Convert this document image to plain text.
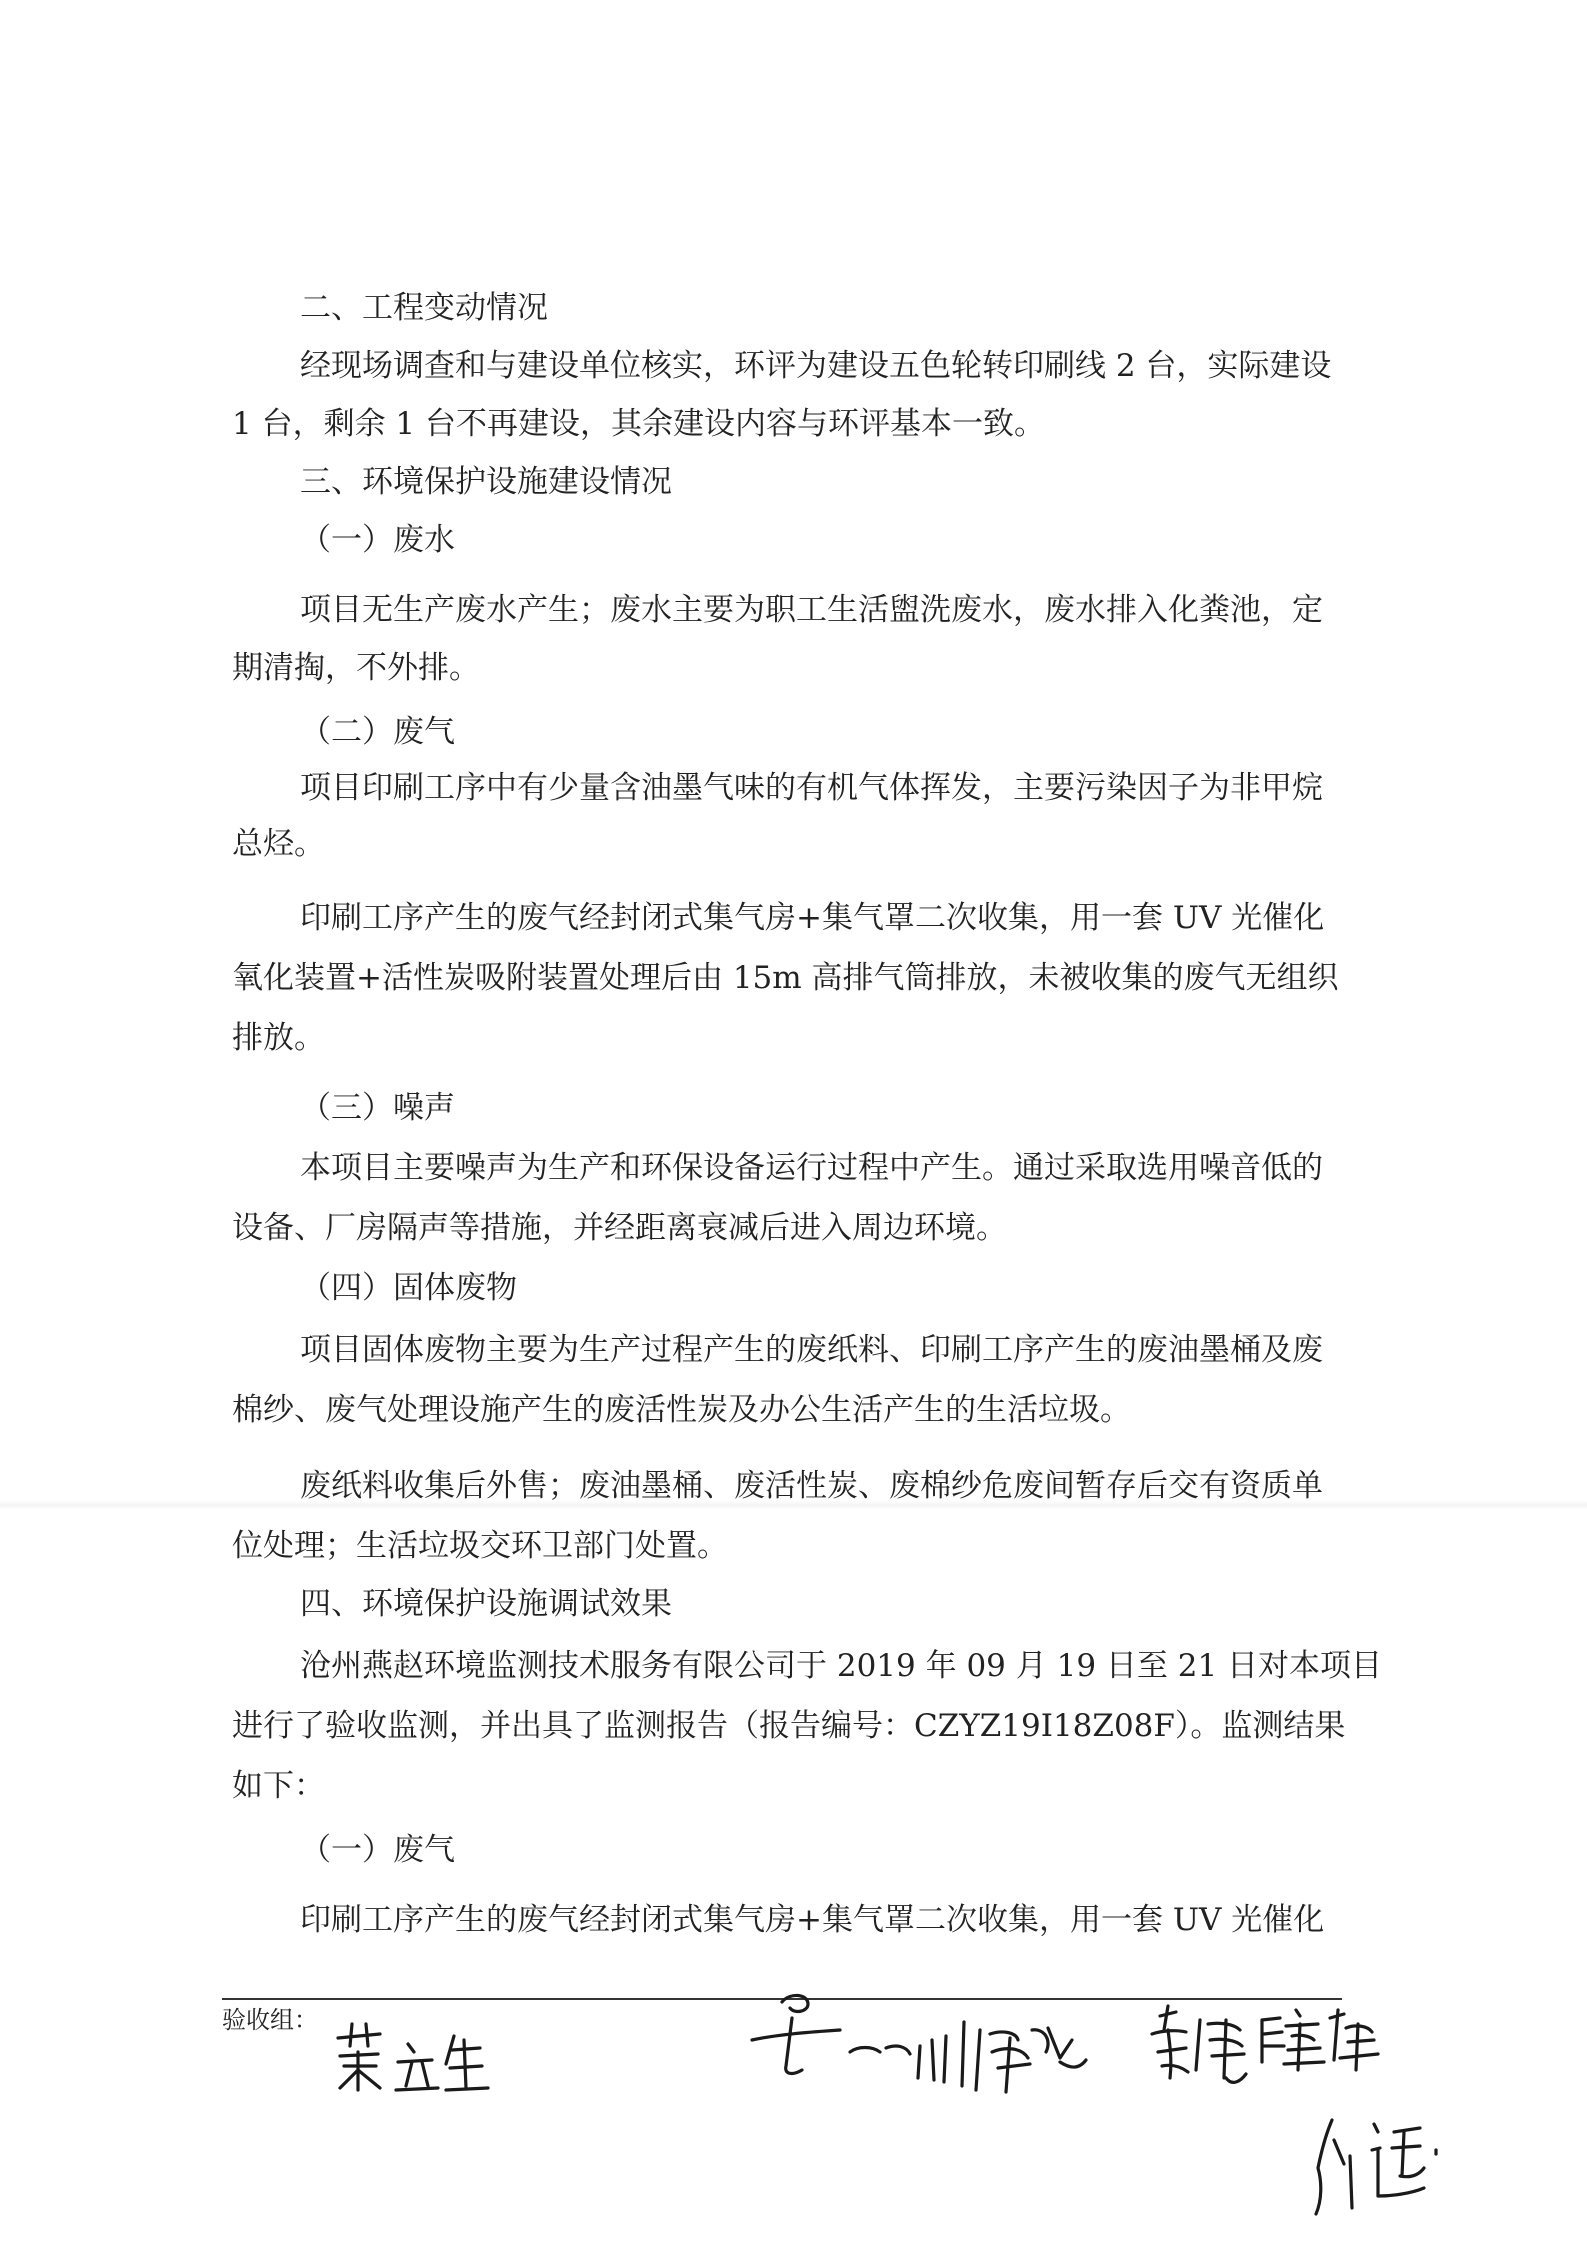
二、工程变动情况
经现场调查和与建设单位核实，环评为建设五色轮转印刷线 2 台，实际建设
1 台，剩余 1 台不再建设，其余建设内容与环评基本一致。
三、环境保护设施建设情况
（一）废水
项目无生产废水产生；废水主要为职工生活盥洗废水，废水排入化粪池，定
期清掏，不外排。
（二）废气
项目印刷工序中有少量含油墨气味的有机气体挥发，主要污染因子为非甲烷
总烃。
印刷工序产生的废气经封闭式集气房+集气罩二次收集，用一套 UV 光催化
氧化装置+活性炭吸附装置处理后由 15m 高排气筒排放，未被收集的废气无组织
排放。
（三）噪声
本项目主要噪声为生产和环保设备运行过程中产生。通过采取选用噪音低的
设备、厂房隔声等措施，并经距离衰减后进入周边环境。
（四）固体废物
项目固体废物主要为生产过程产生的废纸料、印刷工序产生的废油墨桶及废
棉纱、废气处理设施产生的废活性炭及办公生活产生的生活垃圾。
废纸料收集后外售；废油墨桶、废活性炭、废棉纱危废间暂存后交有资质单
位处理；生活垃圾交环卫部门处置。
四、环境保护设施调试效果
沧州燕赵环境监测技术服务有限公司于 2019 年 09 月 19 日至 21 日对本项目
进行了验收监测，并出具了监测报告（报告编号：CZYZ19I18Z08F）。监测结果
如下：
（一）废气
印刷工序产生的废气经封闭式集气房+集气罩二次收集，用一套 UV 光催化
验收组：
